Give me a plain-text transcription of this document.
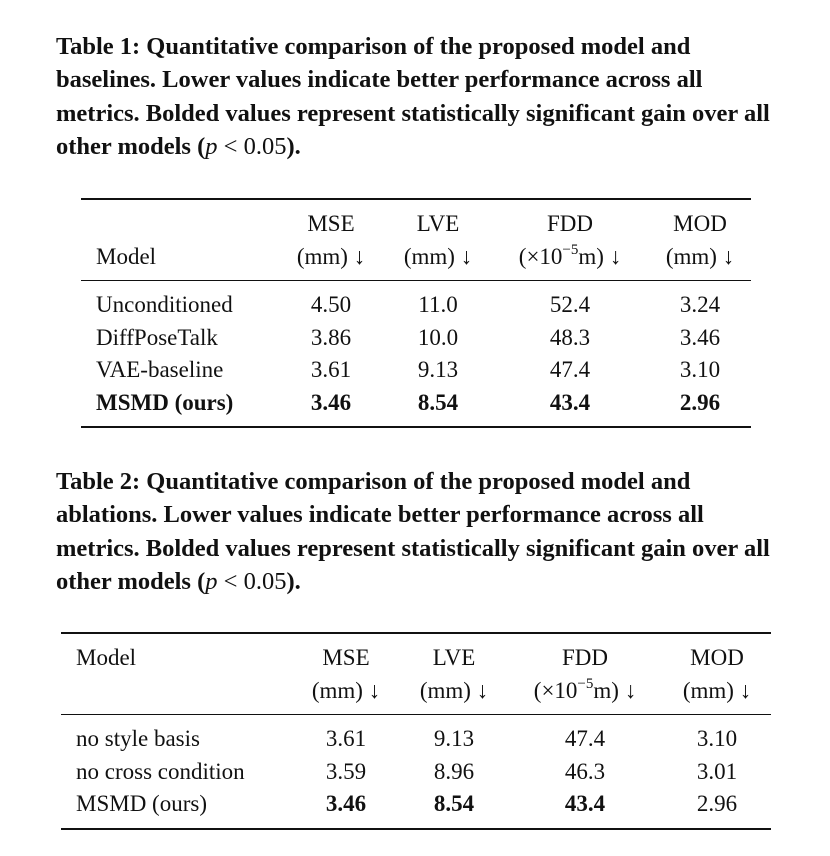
Table 1: Quantitative comparison of the proposed model and baselines. Lower values indicate better performance across all metrics. Bolded values represent statistically significant gain over all other models (p < 0.05).
	MSE	LVE	FDD	MOD
Model	(mm) ↓	(mm) ↓	$(\times 10^{-5}m)$ ↓	(mm) ↓
Unconditioned	4.50	11.0	52.4	3.24
DiffPoseTalk	3.86	10.0	48.3	3.46
VAE-baseline	3.61	9.13	47.4	3.10
MSMD (ours)	3.46	8.54	43.4	2.96
Table 2: Quantitative comparison of the proposed model and ablations. Lower values indicate better performance across all metrics. Bolded values represent statistically significant gain over all other models (p < 0.05).
Model	MSE	LVE	FDD	MOD
	(mm) ↓	(mm) ↓	$(\times 10^{-5}m)$ ↓	(mm) ↓
no style basis	3.61	9.13	47.4	3.10
no cross condition	3.59	8.96	46.3	3.01
MSMD (ours)	3.46	8.54	43.4	2.96
